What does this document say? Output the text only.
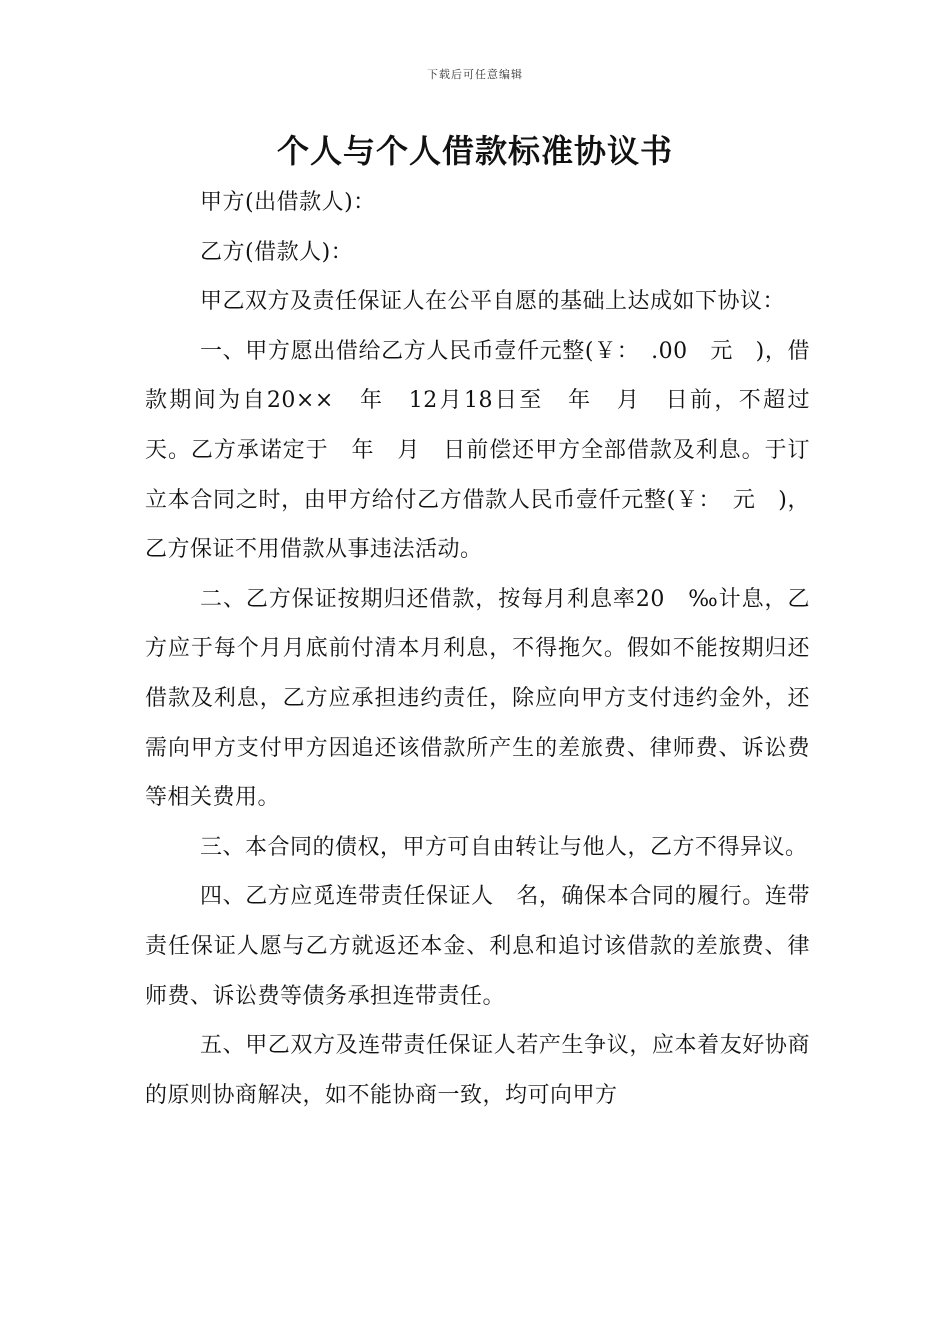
下载后可任意编辑
个人与个人借款标准协议书

甲方(出借款人)：

乙方(借款人)：

甲乙双方及责任保证人在公平自愿的基础上达成如下协议：

一、甲方愿出借给乙方人民币壹仟元整(￥：　.00　元　)，借款期间为自20××　年　12月18日至　年　月　日前，不超过　天。乙方承诺定于　年　月　日前偿还甲方全部借款及利息。于订立本合同之时，由甲方给付乙方借款人民币壹仟元整(￥：　元　)，乙方保证不用借款从事违法活动。

二、乙方保证按期归还借款，按每月利息率20　‰计息，乙方应于每个月月底前付清本月利息，不得拖欠。假如不能按期归还借款及利息，乙方应承担违约责任，除应向甲方支付违约金外，还需向甲方支付甲方因追还该借款所产生的差旅费、律师费、诉讼费等相关费用。

三、本合同的债权，甲方可自由转让与他人，乙方不得异议。

四、乙方应觅连带责任保证人　名，确保本合同的履行。连带责任保证人愿与乙方就返还本金、利息和追讨该借款的差旅费、律师费、诉讼费等债务承担连带责任。

五、甲乙双方及连带责任保证人若产生争议，应本着友好协商的原则协商解决，如不能协商一致，均可向甲方
